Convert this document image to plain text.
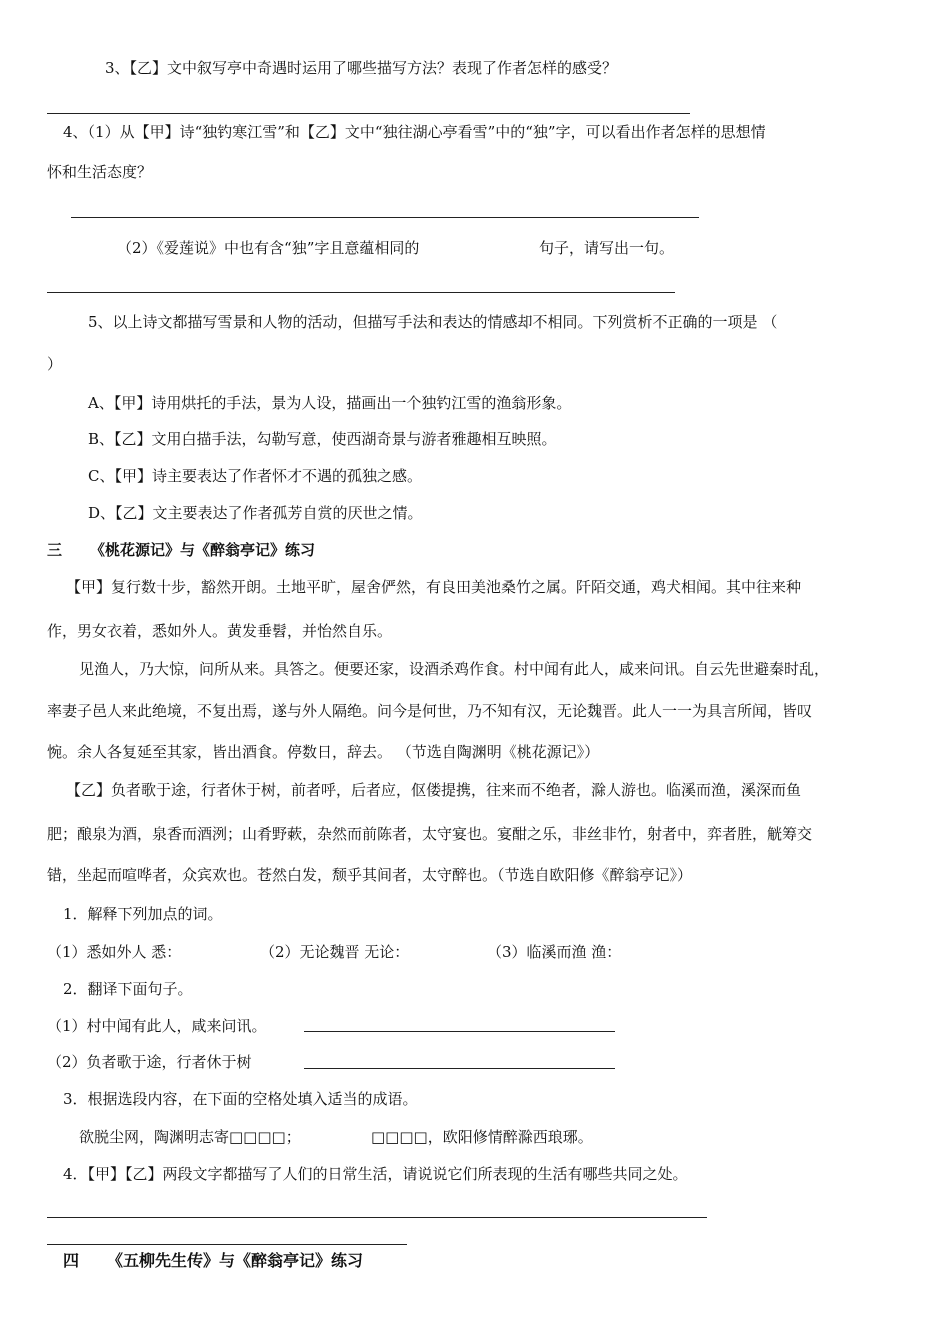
3、【乙】文中叙写亭中奇遇时运用了哪些描写方法？表现了作者怎样的感受？
4、（1）从【甲】诗“独钓寒江雪”和【乙】文中“独往湖心亭看雪”中的“独”字，可以看出作者怎样的思想情
怀和生活态度？
（2）《爱莲说》中也有含“独”字且意蕴相同的	句子，请写出一句。
5、以上诗文都描写雪景和人物的活动，但描写手法和表达的情感却不相同。下列赏析不正确的一项是 （
）
A、【甲】诗用烘托的手法，景为人设，描画出一个独钓江雪的渔翁形象。
B、【乙】文用白描手法，勾勒写意，使西湖奇景与游者雅趣相互映照。
C、【甲】诗主要表达了作者怀才不遇的孤独之感。
D、【乙】文主要表达了作者孤芳自赏的厌世之情。
三 《桃花源记》与《醉翁亭记》练习
【甲】复行数十步，豁然开朗。土地平旷，屋舍俨然，有良田美池桑竹之属。阡陌交通，鸡犬相闻。其中往来种
作，男女衣着，悉如外人。黄发垂髫，并怡然自乐。
见渔人，乃大惊，问所从来。具答之。便要还家，设酒杀鸡作食。村中闻有此人，咸来问讯。自云先世避秦时乱，
率妻子邑人来此绝境，不复出焉，遂与外人隔绝。问今是何世，乃不知有汉，无论魏晋。此人一一为具言所闻，皆叹
惋。余人各复延至其家，皆出酒食。停数日，辞去。 （节选自陶渊明《桃花源记》）
【乙】负者歌于途，行者休于树，前者呼，后者应，伛偻提携，往来而不绝者，滁人游也。临溪而渔，溪深而鱼
肥；酿泉为酒，泉香而酒洌；山肴野蔌，杂然而前陈者，太守宴也。宴酣之乐，非丝非竹，射者中，弈者胜，觥筹交
错，坐起而喧哗者，众宾欢也。苍然白发，颓乎其间者，太守醉也。（节选自欧阳修《醉翁亭记》）
1．解释下列加点的词。
（1）悉如外人 悉：	（2）无论魏晋 无论：	（3）临溪而渔 渔：
2．翻译下面句子。
（1）村中闻有此人，咸来问讯。
（2）负者歌于途，行者休于树
3．根据选段内容，在下面的空格处填入适当的成语。
欲脱尘网，陶渊明志寄□□□□；	□□□□，欧阳修情醉滁西琅琊。
4．【甲】【乙】两段文字都描写了人们的日常生活，请说说它们所表现的生活有哪些共同之处。
四 《五柳先生传》与《醉翁亭记》练习
